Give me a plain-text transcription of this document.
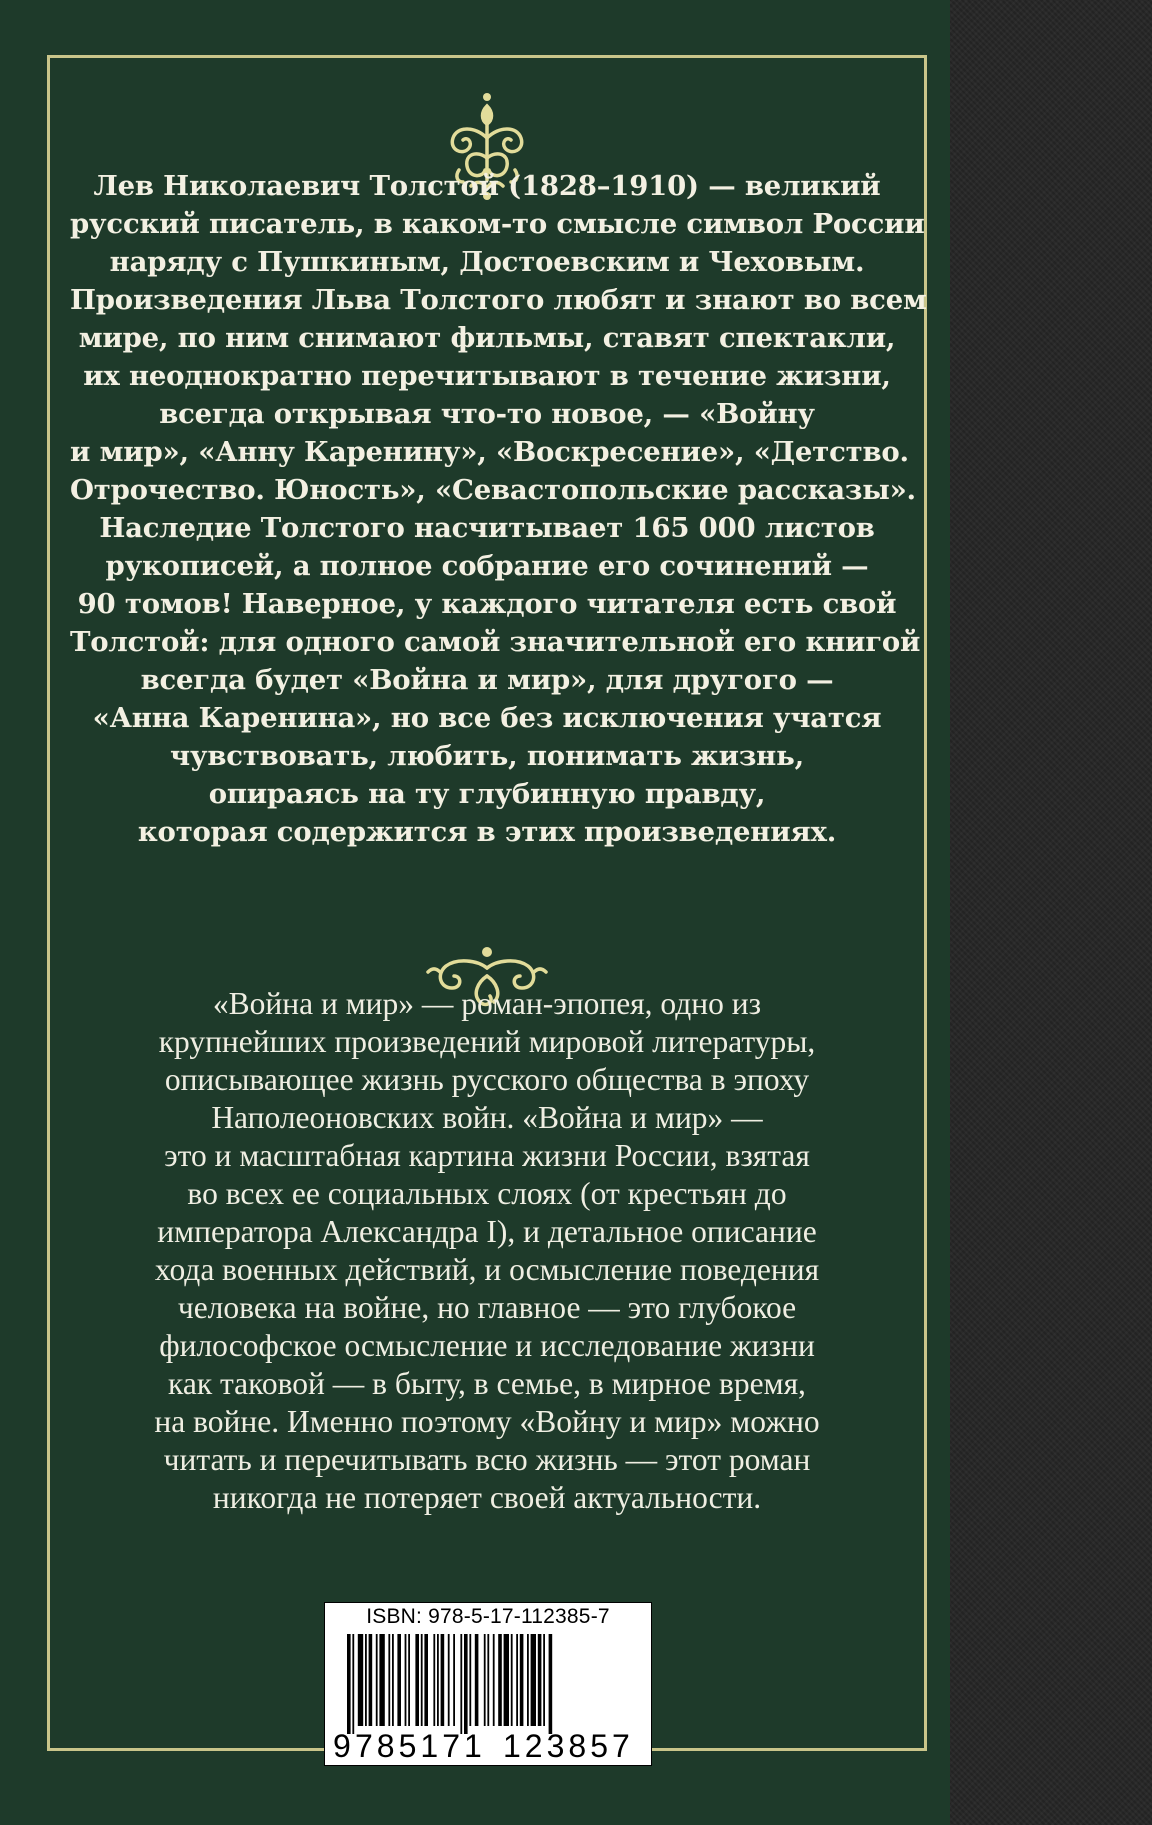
Лев Николаевич Толстой (1828–1910) — великий
русский писатель, в каком-то смысле символ России
наряду с Пушкиным, Достоевским и Чеховым.
Произведения Льва Толстого любят и знают во всем
мире, по ним снимают фильмы, ставят спектакли,
их неоднократно перечитывают в течение жизни,
всегда открывая что-то новое, — «Войну
и мир», «Анну Каренину», «Воскресение», «Детство.
Отрочество. Юность», «Севастопольские рассказы».
Наследие Толстого насчитывает 165 000 листов
рукописей, а полное собрание его сочинений —
90 томов! Наверное, у каждого читателя есть свой
Толстой: для одного самой значительной его книгой
всегда будет «Война и мир», для другого —
«Анна Каренина», но все без исключения учатся
чувствовать, любить, понимать жизнь,
опираясь на ту глубинную правду,
которая содержится в этих произведениях.
«Война и мир» — роман-эпопея, одно из
крупнейших произведений мировой литературы,
описывающее жизнь русского общества в эпоху
Наполеоновских войн. «Война и мир» —
это и масштабная картина жизни России, взятая
во всех ее социальных слоях (от крестьян до
императора Александра I), и детальное описание
хода военных действий, и осмысление поведения
человека на войне, но главное — это глубокое
философское осмысление и исследование жизни
как таковой — в быту, в семье, в мирное время,
на войне. Именно поэтому «Войну и мир» можно
читать и перечитывать всю жизнь — этот роман
никогда не потеряет своей актуальности.
ISBN: 978-5-17-112385-7
9 785171 123857
